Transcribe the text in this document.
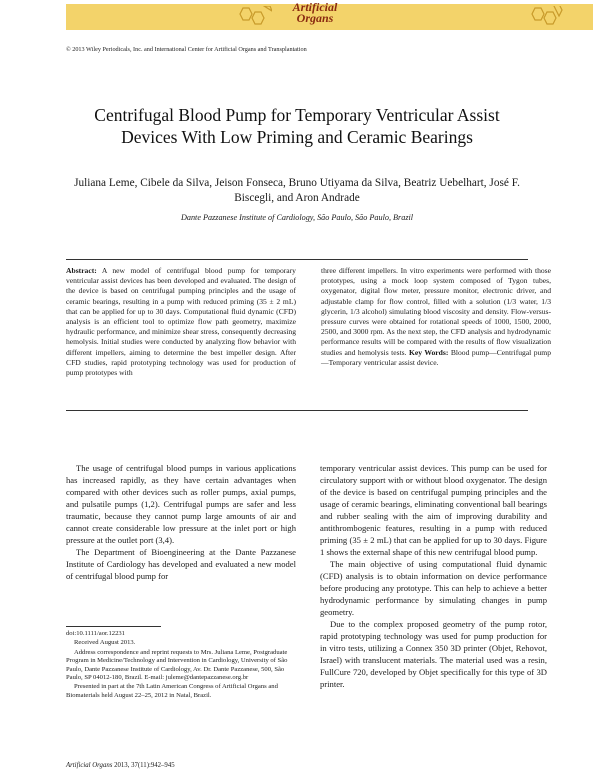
Artificial
Organs
© 2013 Wiley Periodicals, Inc. and International Center for Artificial Organs and Transplantation
Centrifugal Blood Pump for Temporary Ventricular Assist Devices With Low Priming and Ceramic Bearings
Juliana Leme, Cibele da Silva, Jeison Fonseca, Bruno Utiyama da Silva, Beatriz Uebelhart, José F. Biscegli, and Aron Andrade
Dante Pazzanese Institute of Cardiology, São Paulo, São Paulo, Brazil
Abstract: A new model of centrifugal blood pump for temporary ventricular assist devices has been developed and evaluated. The design of the device is based on centrifugal pumping principles and the usage of ceramic bearings, resulting in a pump with reduced priming (35 ± 2 mL) that can be applied for up to 30 days. Computational fluid dynamic (CFD) analysis is an efficient tool to optimize flow path geometry, maximize hydraulic performance, and minimize shear stress, consequently decreasing hemolysis. Initial studies were conducted by analyzing flow behavior with different impellers, aiming to determine the best impeller design. After CFD studies, rapid prototyping technology was used for production of pump prototypes with
three different impellers. In vitro experiments were performed with those prototypes, using a mock loop system composed of Tygon tubes, oxygenator, digital flow meter, pressure monitor, electronic driver, and adjustable clamp for flow control, filled with a solution (1/3 water, 1/3 glycerin, 1/3 alcohol) simulating blood viscosity and density. Flow-versus-pressure curves were obtained for rotational speeds of 1000, 1500, 2000, 2500, and 3000 rpm. As the next step, the CFD analysis and hydrodynamic performance results will be compared with the results of flow visualization studies and hemolysis tests. Key Words: Blood pump—Centrifugal pump—Temporary ventricular assist device.

The usage of centrifugal blood pumps in various applications has increased rapidly, as they have certain advantages when compared with other devices such as roller pumps, axial pumps, and pulsatile pumps (1,2). Centrifugal pumps are safer and less traumatic, because they cannot pump large amounts of air and cannot create considerable low pressure at the inlet port or high pressure at the outlet port (3,4).

The Department of Bioengineering at the Dante Pazzanese Institute of Cardiology has developed and evaluated a new model of centrifugal blood pump for

temporary ventricular assist devices. This pump can be used for circulatory support with or without blood oxygenator. The design of the device is based on centrifugal pumping principles and the usage of ceramic bearings, eliminating conventional ball bearings and rubber sealing with the aim of improving durability and antithrombogenic features, resulting in a pump with reduced priming (35 ± 2 mL) that can be applied for up to 30 days. Figure 1 shows the external shape of this new centrifugal blood pump.

The main objective of using computational fluid dynamic (CFD) analysis is to obtain information on device performance before producing any prototype. This can help to achieve a better hydrodynamic performance by simulating changes in pump geometry.

Due to the complex proposed geometry of the pump rotor, rapid prototyping technology was used for pump production for in vitro tests, utilizing a Connex 350 3D printer (Objet, Rehovot, Israel) with translucent materials. The material used was a resin, FullCure 720, developed by Objet specifically for this type of 3D printer.

doi:10.1111/aor.12231

Received August 2013.

Address correspondence and reprint requests to Mrs. Juliana Leme, Postgraduate Program in Medicine/Technology and Intervention in Cardiology, University of São Paulo, Dante Pazzanese Institute of Cardiology, Av. Dr. Dante Pazzanese, 500, São Paulo, SP 04012-180, Brazil. E-mail: juleme@dantepazzanese.org.br

Presented in part at the 7th Latin American Congress of Artificial Organs and Biomaterials held August 22–25, 2012 in Natal, Brazil.

Artificial Organs 2013, 37(11):942–945
